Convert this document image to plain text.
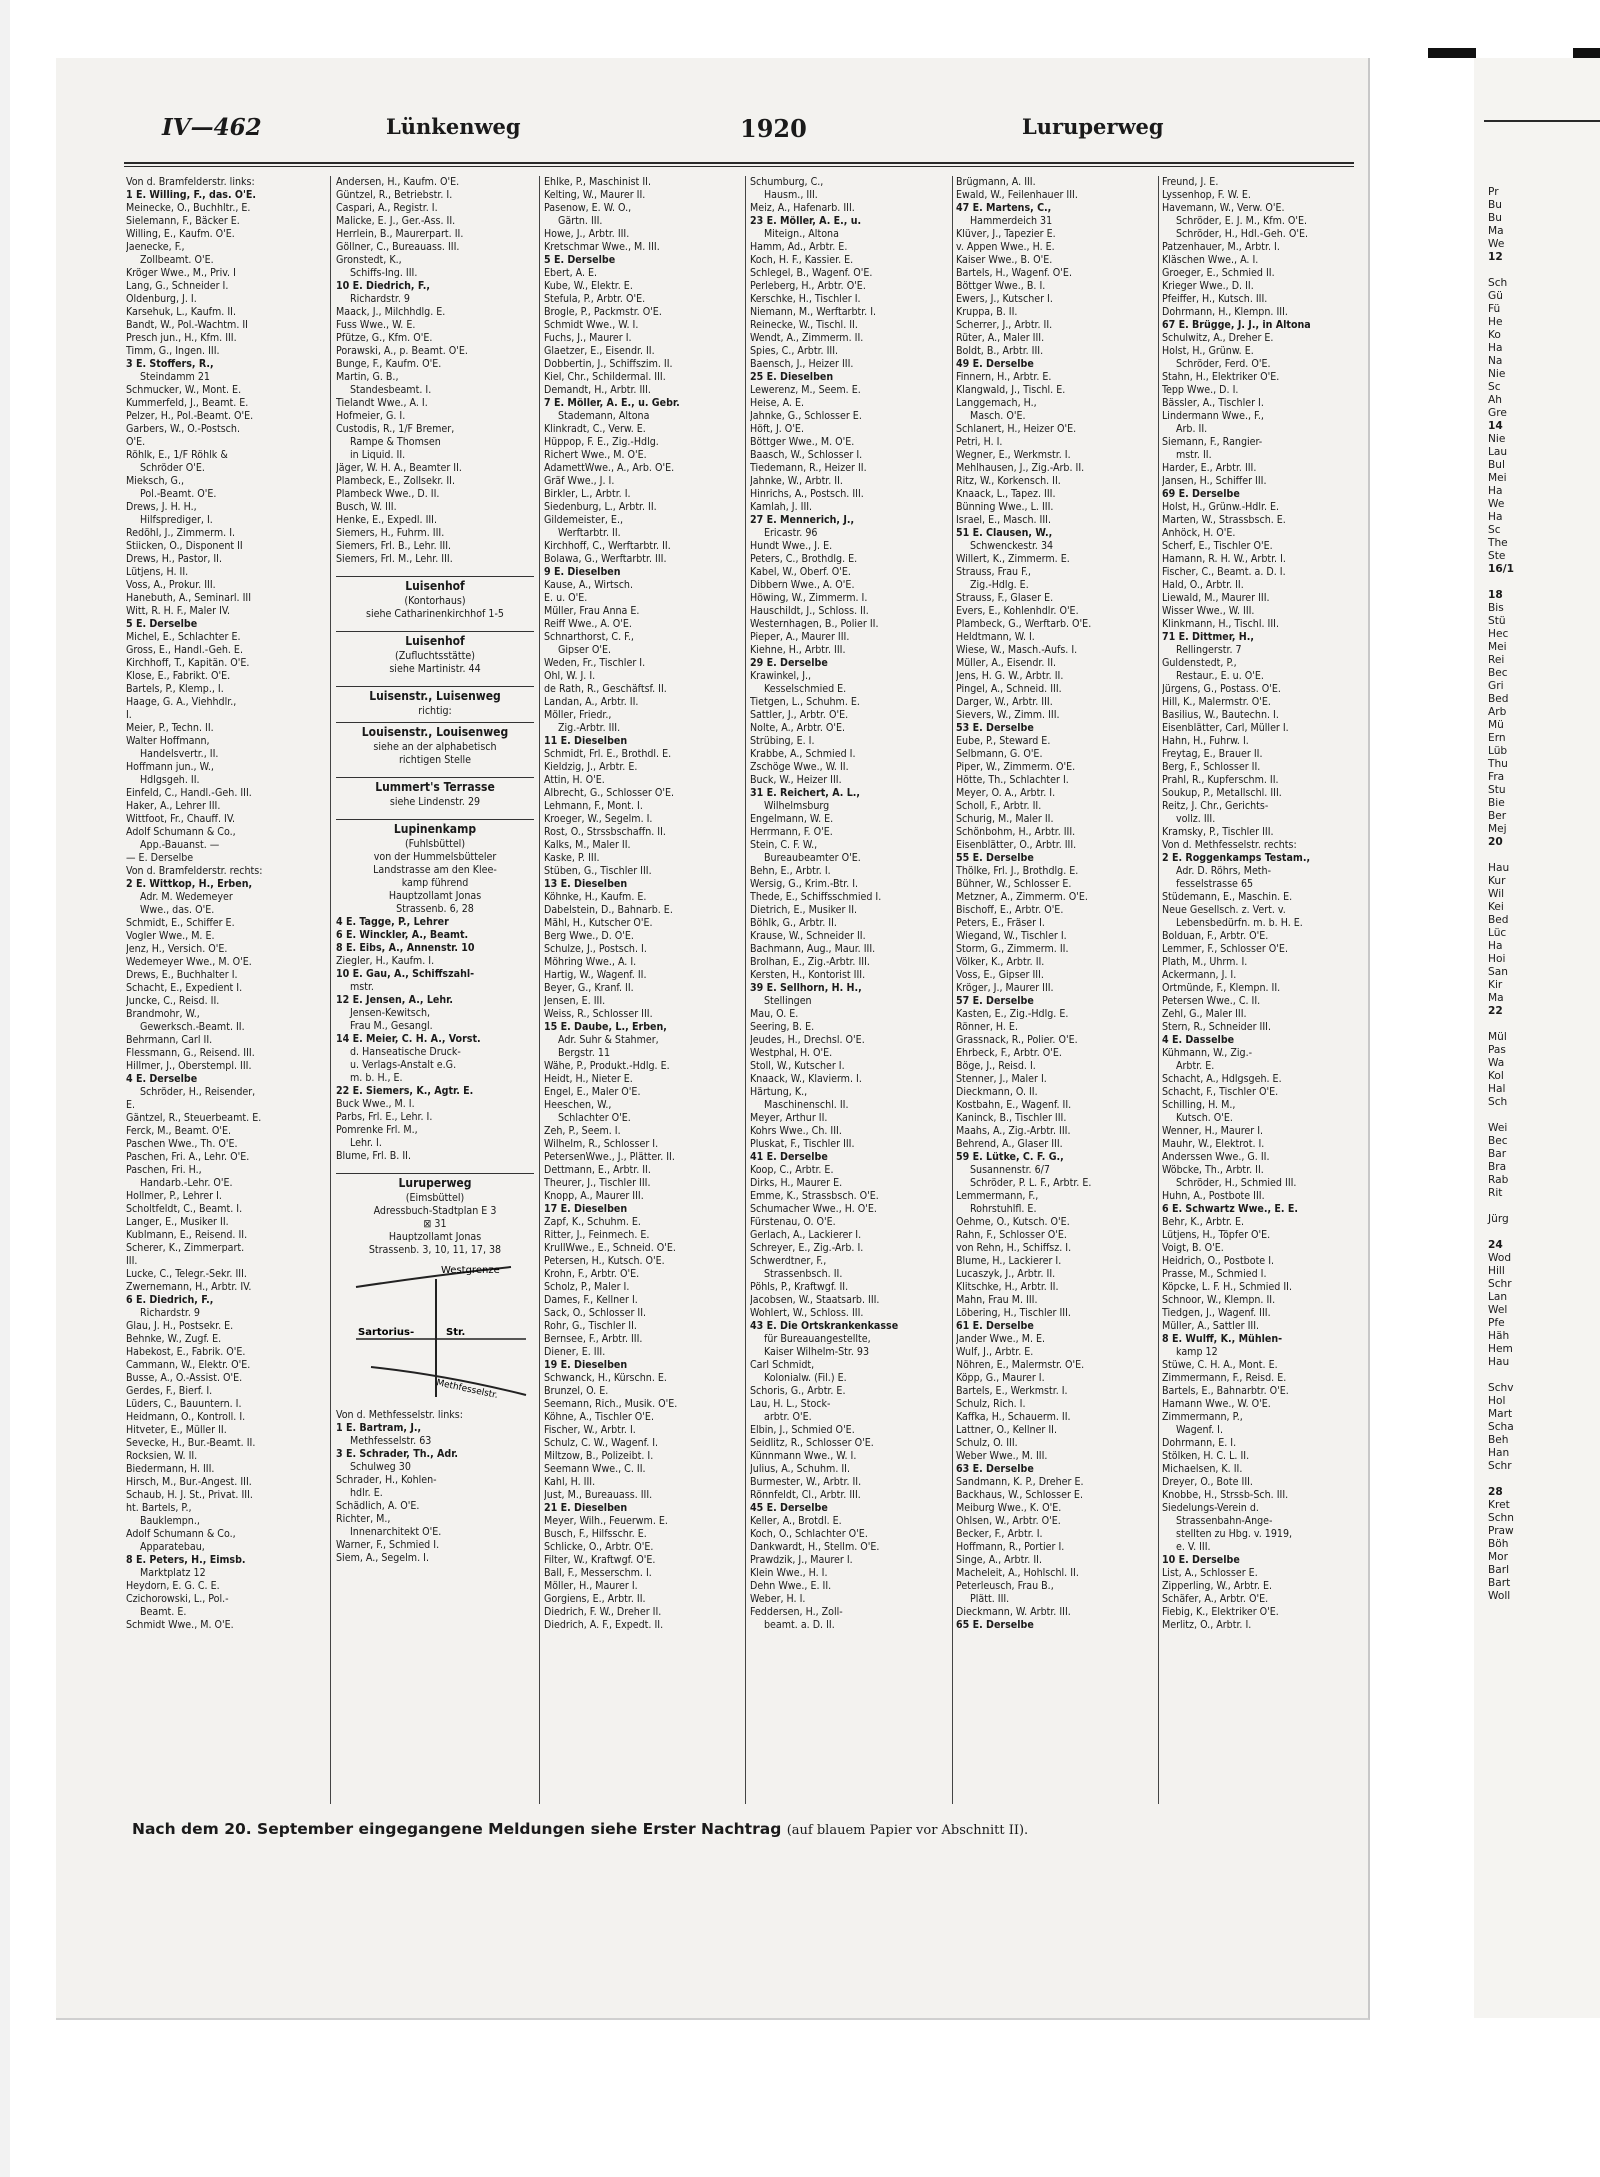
IV—462	Lünkenweg	1920	Luruperweg
Von d. Bramfelderstr. links:
1 E. Willing, F., das. O'E.
Meinecke, O., Buchhltr., E.
Sielemann, F., Bäcker E.
Willing, E., Kaufm. O'E.
Jaenecke, F.,
Zollbeamt. O'E.
Kröger Wwe., M., Priv. I
Lang, G., Schneider I.
Oldenburg, J. I.
Karsehuk, L., Kaufm. II.
Bandt, W., Pol.-Wachtm. II
Presch jun., H., Kfm. III.
Timm, G., Ingen. III.
3 E. Stoffers, R.,
Steindamm 21
Schmucker, W., Mont. E.
Kummerfeld, J., Beamt. E.
Pelzer, H., Pol.-Beamt. O'E.
Garbers, W., O.-Postsch.
O'E.
Röhlk, E., 1/F Röhlk &
Schröder O'E.
Mieksch, G.,
Pol.-Beamt. O'E.
Drews, J. H. H.,
Hilfsprediger, I.
Redöhl, J., Zimmerm. I.
Stiicken, O., Disponent II
Drews, H., Pastor, II.
Lütjens, H. II.
Voss, A., Prokur. III.
Hanebuth, A., Seminarl. III
Witt, R. H. F., Maler IV.
5 E. Derselbe
Michel, E., Schlachter E.
Gross, E., Handl.-Geh. E.
Kirchhoff, T., Kapitän. O'E.
Klose, E., Fabrikt. O'E.
Bartels, P., Klemp., I.
Haage, G. A., Viehhdlr.,
I.
Meier, P., Techn. II.
Walter Hoffmann,
Handelsvertr., II.
Hoffmann jun., W.,
Hdlgsgeh. II.
Einfeld, C., Handl.-Geh. III.
Haker, A., Lehrer III.
Wittfoot, Fr., Chauff. IV.
Adolf Schumann & Co.,
App.-Bauanst. —
— E. Derselbe
Von d. Bramfelderstr. rechts:
2 E. Wittkop, H., Erben,
Adr. M. Wedemeyer
Wwe., das. O'E.
Schmidt, E., Schiffer E.
Vogler Wwe., M. E.
Jenz, H., Versich. O'E.
Wedemeyer Wwe., M. O'E.
Drews, E., Buchhalter I.
Schacht, E., Expedient I.
Juncke, C., Reisd. II.
Brandmohr, W.,
Gewerksch.-Beamt. II.
Behrmann, Carl II.
Flessmann, G., Reisend. III.
Hillmer, J., Oberstempl. III.
4 E. Derselbe
Schröder, H., Reisender,
E.
Gäntzel, R., Steuerbeamt. E.
Ferck, M., Beamt. O'E.
Paschen Wwe., Th. O'E.
Paschen, Fri. A., Lehr. O'E.
Paschen, Fri. H.,
Handarb.-Lehr. O'E.
Hollmer, P., Lehrer I.
Scholtfeldt, C., Beamt. I.
Langer, E., Musiker II.
Kublmann, E., Reisend. II.
Scherer, K., Zimmerpart.
III.
Lucke, C., Telegr.-Sekr. III.
Zwernemann, H., Arbtr. IV.
6 E. Diedrich, F.,
Richardstr. 9
Glau, J. H., Postsekr. E.
Behnke, W., Zugf. E.
Habekost, E., Fabrik. O'E.
Cammann, W., Elektr. O'E.
Busse, A., O.-Assist. O'E.
Gerdes, F., Bierf. I.
Lüders, C., Bauuntern. I.
Heidmann, O., Kontroll. I.
Hitveter, E., Müller II.
Sevecke, H., Bur.-Beamt. II.
Rocksien, W. II.
Biedermann, H. III.
Hirsch, M., Bur.-Angest. III.
Schaub, H. J. St., Privat. III.
ht. Bartels, P.,
Bauklempn.,
Adolf Schumann & Co.,
Apparatebau,
8 E. Peters, H., Eimsb.
Marktplatz 12
Heydorn, E. G. C. E.
Czichorowski, L., Pol.-
Beamt. E.
Schmidt Wwe., M. O'E.
Andersen, H., Kaufm. O'E.
Güntzel, R., Betriebstr. I.
Caspari, A., Registr. I.
Malicke, E. J., Ger.-Ass. II.
Herrlein, B., Maurerpart. II.
Göllner, C., Bureauass. III.
Gronstedt, K.,
Schiffs-Ing. III.
10 E. Diedrich, F.,
Richardstr. 9
Maack, J., Milchhdlg. E.
Fuss Wwe., W. E.
Pfütze, G., Kfm. O'E.
Porawski, A., p. Beamt. O'E.
Bunge, F., Kaufm. O'E.
Martin, G. B.,
Standesbeamt. I.
Tielandt Wwe., A. I.
Hofmeier, G. I.
Custodis, R., 1/F Bremer,
Rampe & Thomsen
in Liquid. II.
Jäger, W. H. A., Beamter II.
Plambeck, E., Zollsekr. II.
Plambeck Wwe., D. II.
Busch, W. III.
Henke, E., Expedl. III.
Siemers, H., Fuhrm. III.
Siemers, Frl. B., Lehr. III.
Siemers, Frl. M., Lehr. III.
Luisenhof
(Kontorhaus)
siehe Catharinenkirchhof 1-5
Luisenhof
(Zufluchtsstätte)
siehe Martinistr. 44
Luisenstr., Luisenweg
richtig:
Louisenstr., Louisenweg
siehe an der alphabetisch
richtigen Stelle
Lummert's Terrasse
siehe Lindenstr. 29
Lupinenkamp
(Fuhlsbüttel)
von der Hummelsbütteler
Landstrasse am den Klee-
kamp führend
Hauptzollamt Jonas
Strassenb. 6, 28
4 E. Tagge, P., Lehrer
6 E. Winckler, A., Beamt.
8 E. Eibs, A., Annenstr. 10
Ziegler, H., Kaufm. I.
10 E. Gau, A., Schiffszahl-
mstr.
12 E. Jensen, A., Lehr.
Jensen-Kewitsch,
Frau M., Gesangl.
14 E. Meier, C. H. A., Vorst.
d. Hanseatische Druck-
u. Verlags-Anstalt e.G.
m. b. H., E.
22 E. Siemers, K., Agtr. E.
Buck Wwe., M. I.
Parbs, Frl. E., Lehr. I.
Pomrenke Frl. M.,
Lehr. I.
Blume, Frl. B. II.
Luruperweg
(Eimsbüttel)
Adressbuch-Stadtplan E 3
⊠ 31
Hauptzollamt Jonas
Strassenb. 3, 10, 11, 17, 38
Westgrenze
Sartorius-	Str.
Methfesselstr.
Von d. Methfesselstr. links:
1 E. Bartram, J.,
Methfesselstr. 63
3 E. Schrader, Th., Adr.
Schulweg 30
Schrader, H., Kohlen-
hdlr. E.
Schädlich, A. O'E.
Richter, M.,
Innenarchitekt O'E.
Warner, F., Schmied I.
Siem, A., Segelm. I.
Ehlke, P., Maschinist II.
Kelting, W., Maurer II.
Pasenow, E. W. O.,
Gärtn. III.
Howe, J., Arbtr. III.
Kretschmar Wwe., M. III.
5 E. Derselbe
Ebert, A. E.
Kube, W., Elektr. E.
Stefula, P., Arbtr. O'E.
Brogle, P., Packmstr. O'E.
Schmidt Wwe., W. I.
Fuchs, J., Maurer I.
Glaetzer, E., Eisendr. II.
Dobbertin, J., Schiffszim. II.
Kiel, Chr., Schildermal. III.
Demandt, H., Arbtr. III.
7 E. Möller, A. E., u. Gebr.
Stademann, Altona
Klinkradt, C., Verw. E.
Hüppop, F. E., Zig.-Hdlg.
Richert Wwe., M. O'E.
AdamettWwe., A., Arb. O'E.
Gräf Wwe., J. I.
Birkler, L., Arbtr. I.
Siedenburg, L., Arbtr. II.
Gildemeister, E.,
Werftarbtr. II.
Kirchhoff, C., Werftarbtr. II.
Bolawa, G., Werftarbtr. III.
9 E. Dieselben
Kause, A., Wirtsch.
E. u. O'E.
Müller, Frau Anna E.
Reiff Wwe., A. O'E.
Schnarthorst, C. F.,
Gipser O'E.
Weden, Fr., Tischler I.
Ohl, W. J. I.
de Rath, R., Geschäftsf. II.
Landan, A., Arbtr. II.
Möller, Friedr.,
Zig.-Arbtr. III.
11 E. Dieselben
Schmidt, Frl. E., Brothdl. E.
Kieldzig, J., Arbtr. E.
Attin, H. O'E.
Albrecht, G., Schlosser O'E.
Lehmann, F., Mont. I.
Kroeger, W., Segelm. I.
Rost, O., Strssbschaffn. II.
Kalks, M., Maler II.
Kaske, P. III.
Stüben, G., Tischler III.
13 E. Dieselben
Köhnke, H., Kaufm. E.
Dabelstein, D., Bahnarb. E.
Mähl, H., Kutscher O'E.
Berg Wwe., D. O'E.
Schulze, J., Postsch. I.
Möhring Wwe., A. I.
Hartig, W., Wagenf. II.
Beyer, G., Kranf. II.
Jensen, E. III.
Weiss, R., Schlosser III.
15 E. Daube, L., Erben,
Adr. Suhr & Stahmer,
Bergstr. 11
Wähe, P., Produkt.-Hdlg. E.
Heidt, H., Nieter E.
Engel, E., Maler O'E.
Heeschen, W.,
Schlachter O'E.
Zeh, P., Seem. I.
Wilhelm, R., Schlosser I.
PetersenWwe., J., Plätter. II.
Dettmann, E., Arbtr. II.
Theurer, J., Tischler III.
Knopp, A., Maurer III.
17 E. Dieselben
Zapf, K., Schuhm. E.
Ritter, J., Feinmech. E.
KrullWwe., E., Schneid. O'E.
Petersen, H., Kutsch. O'E.
Krohn, F., Arbtr. O'E.
Scholz, P., Maler I.
Dames, F., Kellner I.
Sack, O., Schlosser II.
Rohr, G., Tischler II.
Bernsee, F., Arbtr. III.
Diener, E. III.
19 E. Dieselben
Schwanck, H., Kürschn. E.
Brunzel, O. E.
Seemann, Rich., Musik. O'E.
Köhne, A., Tischler O'E.
Fischer, W., Arbtr. I.
Schulz, C. W., Wagenf. I.
Miltzow, B., Polizeibt. I.
Seemann Wwe., C. II.
Kahl, H. III.
Just, M., Bureauass. III.
21 E. Dieselben
Meyer, Wilh., Feuerwm. E.
Busch, F., Hilfsschr. E.
Schlicke, O., Arbtr. O'E.
Filter, W., Kraftwgf. O'E.
Ball, F., Messerschm. I.
Möller, H., Maurer I.
Gorgiens, E., Arbtr. II.
Diedrich, F. W., Dreher II.
Diedrich, A. F., Expedt. II.
Schumburg, C.,
Hausm., III.
Meiz, A., Hafenarb. III.
23 E. Möller, A. E., u.
Miteign., Altona
Hamm, Ad., Arbtr. E.
Koch, H. F., Kassier. E.
Schlegel, B., Wagenf. O'E.
Perleberg, H., Arbtr. O'E.
Kerschke, H., Tischler I.
Niemann, M., Werftarbtr. I.
Reinecke, W., Tischl. II.
Wendt, A., Zimmerm. II.
Spies, C., Arbtr. III.
Baensch, J., Heizer III.
25 E. Dieselben
Lewerenz, M., Seem. E.
Heise, A. E.
Jahnke, G., Schlosser E.
Höft, J. O'E.
Böttger Wwe., M. O'E.
Baasch, W., Schlosser I.
Tiedemann, R., Heizer II.
Jahnke, W., Arbtr. II.
Hinrichs, A., Postsch. III.
Kamlah, J. III.
27 E. Mennerich, J.,
Ericastr. 96
Hundt Wwe., J. E.
Peters, C., Brothdlg. E.
Kabel, W., Oberf. O'E.
Dibbern Wwe., A. O'E.
Höwing, W., Zimmerm. I.
Hauschildt, J., Schloss. II.
Westernhagen, B., Polier II.
Pieper, A., Maurer III.
Kiehne, H., Arbtr. III.
29 E. Derselbe
Krawinkel, J.,
Kesselschmied E.
Tietgen, L., Schuhm. E.
Sattler, J., Arbtr. O'E.
Nolte, A., Arbtr. O'E.
Strübing, E. I.
Krabbe, A., Schmied I.
Zschöge Wwe., W. II.
Buck, W., Heizer III.
31 E. Reichert, A. L.,
Wilhelmsburg
Engelmann, W. E.
Herrmann, F. O'E.
Stein, C. F. W.,
Bureaubeamter O'E.
Behn, E., Arbtr. I.
Wersig, G., Krim.-Btr. I.
Thede, E., Schiffsschmied I.
Dietrich, E., Musiker II.
Böhlk, G., Arbtr. II.
Krause, W., Schneider II.
Bachmann, Aug., Maur. III.
Brolhan, E., Zig.-Arbtr. III.
Kersten, H., Kontorist III.
39 E. Sellhorn, H. H.,
Stellingen
Mau, O. E.
Seering, B. E.
Jeudes, H., Drechsl. O'E.
Westphal, H. O'E.
Stoll, W., Kutscher I.
Knaack, W., Klavierm. I.
Härtung, K.,
Maschinenschl. II.
Meyer, Arthur II.
Kohrs Wwe., Ch. III.
Pluskat, F., Tischler III.
41 E. Derselbe
Koop, C., Arbtr. E.
Dirks, H., Maurer E.
Emme, K., Strassbsch. O'E.
Schumacher Wwe., H. O'E.
Fürstenau, O. O'E.
Gerlach, A., Lackierer I.
Schreyer, E., Zig.-Arb. I.
Schwerdtner, F.,
Strassenbsch. II.
Pöhls, P., Kraftwgf. II.
Jacobsen, W., Staatsarb. III.
Wohlert, W., Schloss. III.
43 E. Die Ortskrankenkasse
für Bureauangestellte,
Kaiser Wilhelm-Str. 93
Carl Schmidt,
Kolonialw. (Fil.) E.
Schoris, G., Arbtr. E.
Lau, H. L., Stock-
arbtr. O'E.
Elbin, J., Schmied O'E.
Seidlitz, R., Schlosser O'E.
Künnmann Wwe., W. I.
Julius, A., Schuhm. II.
Burmester, W., Arbtr. II.
Rönnfeldt, Cl., Arbtr. III.
45 E. Derselbe
Keller, A., Brotdl. E.
Koch, O., Schlachter O'E.
Dankwardt, H., Stellm. O'E.
Prawdzik, J., Maurer I.
Klein Wwe., H. I.
Dehn Wwe., E. II.
Weber, H. I.
Feddersen, H., Zoll-
beamt. a. D. II.
Brügmann, A. III.
Ewald, W., Feilenhauer III.
47 E. Martens, C.,
Hammerdeich 31
Klüver, J., Tapezier E.
v. Appen Wwe., H. E.
Kaiser Wwe., B. O'E.
Bartels, H., Wagenf. O'E.
Böttger Wwe., B. I.
Ewers, J., Kutscher I.
Kruppa, B. II.
Scherrer, J., Arbtr. II.
Rüter, A., Maler III.
Boldt, B., Arbtr. III.
49 E. Derselbe
Finnern, H., Arbtr. E.
Klangwald, J., Tischl. E.
Langgemach, H.,
Masch. O'E.
Schlanert, H., Heizer O'E.
Petri, H. I.
Wegner, E., Werkmstr. I.
Mehlhausen, J., Zig.-Arb. II.
Ritz, W., Korkensch. II.
Knaack, L., Tapez. III.
Bünning Wwe., L. III.
Israel, E., Masch. III.
51 E. Clausen, W.,
Schwenckestr. 34
Willert, K., Zimmerm. E.
Strauss, Frau F.,
Zig.-Hdlg. E.
Strauss, F., Glaser E.
Evers, E., Kohlenhdlr. O'E.
Plambeck, G., Werftarb. O'E.
Heldtmann, W. I.
Wiese, W., Masch.-Aufs. I.
Müller, A., Eisendr. II.
Jens, H. G. W., Arbtr. II.
Pingel, A., Schneid. III.
Darger, W., Arbtr. III.
Sievers, W., Zimm. III.
53 E. Derselbe
Eube, P., Steward E.
Selbmann, G. O'E.
Piper, W., Zimmerm. O'E.
Hötte, Th., Schlachter I.
Meyer, O. A., Arbtr. I.
Scholl, F., Arbtr. II.
Schurig, M., Maler II.
Schönbohm, H., Arbtr. III.
Eisenblätter, O., Arbtr. III.
55 E. Derselbe
Thölke, Frl. J., Brothdlg. E.
Bühner, W., Schlosser E.
Metzner, A., Zimmerm. O'E.
Bischoff, E., Arbtr. O'E.
Peters, E., Fräser I.
Wiegand, W., Tischler I.
Storm, G., Zimmerm. II.
Völker, K., Arbtr. II.
Voss, E., Gipser III.
Kröger, J., Maurer III.
57 E. Derselbe
Kasten, E., Zig.-Hdlg. E.
Rönner, H. E.
Grassnack, R., Polier. O'E.
Ehrbeck, F., Arbtr. O'E.
Böge, J., Reisd. I.
Stenner, J., Maler I.
Dieckmann, O. II.
Kostbahn, E., Wagenf. II.
Kaninck, B., Tischler III.
Maahs, A., Zig.-Arbtr. III.
Behrend, A., Glaser III.
59 E. Lütke, C. F. G.,
Susannenstr. 6/7
Schröder, P. L. F., Arbtr. E.
Lemmermann, F.,
Rohrstuhlfl. E.
Oehme, O., Kutsch. O'E.
Rahn, F., Schlosser O'E.
von Rehn, H., Schiffsz. I.
Blume, H., Lackierer I.
Lucaszyk, J., Arbtr. II.
Klitschke, H., Arbtr. II.
Mahn, Frau M. III.
Löbering, H., Tischler III.
61 E. Derselbe
Jander Wwe., M. E.
Wulf, J., Arbtr. E.
Nöhren, E., Malermstr. O'E.
Köpp, G., Maurer I.
Bartels, E., Werkmstr. I.
Schulz, Rich. I.
Kaffka, H., Schauerm. II.
Lattner, O., Kellner II.
Schulz, O. III.
Weber Wwe., M. III.
63 E. Derselbe
Sandmann, K. P., Dreher E.
Backhaus, W., Schlosser E.
Meiburg Wwe., K. O'E.
Ohlsen, W., Arbtr. O'E.
Becker, F., Arbtr. I.
Hoffmann, R., Portier I.
Singe, A., Arbtr. II.
Macheleit, A., Hohlschl. II.
Peterleusch, Frau B.,
Plätt. III.
Dieckmann, W. Arbtr. III.
65 E. Derselbe
Freund, J. E.
Lyssenhop, F. W. E.
Havemann, W., Verw. O'E.
Schröder, E. J. M., Kfm. O'E.
Schröder, H., Hdl.-Geh. O'E.
Patzenhauer, M., Arbtr. I.
Kläschen Wwe., A. I.
Groeger, E., Schmied II.
Krieger Wwe., D. II.
Pfeiffer, H., Kutsch. III.
Dohrmann, H., Klempn. III.
67 E. Brügge, J. J., in Altona
Schulwitz, A., Dreher E.
Holst, H., Grünw. E.
Schröder, Ferd. O'E.
Stahn, H., Elektriker O'E.
Tepp Wwe., D. I.
Bässler, A., Tischler I.
Lindermann Wwe., F.,
Arb. II.
Siemann, F., Rangier-
mstr. II.
Harder, E., Arbtr. III.
Jansen, H., Schiffer III.
69 E. Derselbe
Holst, H., Grünw.-Hdlr. E.
Marten, W., Strassbsch. E.
Anhöck, H. O'E.
Scherf, E., Tischler O'E.
Hamann, R. H. W., Arbtr. I.
Fischer, C., Beamt. a. D. I.
Hald, O., Arbtr. II.
Liewald, M., Maurer III.
Wisser Wwe., W. III.
Klinkmann, H., Tischl. III.
71 E. Dittmer, H.,
Rellingerstr. 7
Guldenstedt, P.,
Restaur., E. u. O'E.
Jürgens, G., Postass. O'E.
Hill, K., Malermstr. O'E.
Basilius, W., Bautechn. I.
Eisenblätter, Carl, Müller I.
Hahn, H., Fuhrw. I.
Freytag, E., Brauer II.
Berg, F., Schlosser II.
Prahl, R., Kupferschm. II.
Soukup, P., Metallschl. III.
Reitz, J. Chr., Gerichts-
vollz. III.
Kramsky, P., Tischler III.
Von d. Methfesselstr. rechts:
2 E. Roggenkamps Testam.,
Adr. D. Röhrs, Meth-
fesselstrasse 65
Stüdemann, E., Maschin. E.
Neue Gesellsch. z. Vert. v.
Lebensbedürfn. m. b. H. E.
Bolduan, F., Arbtr. O'E.
Lemmer, F., Schlosser O'E.
Plath, M., Uhrm. I.
Ackermann, J. I.
Ortmünde, F., Klempn. II.
Petersen Wwe., C. II.
Zehl, G., Maler III.
Stern, R., Schneider III.
4 E. Dasselbe
Kühmann, W., Zig.-
Arbtr. E.
Schacht, A., Hdlgsgeh. E.
Schacht, F., Tischler O'E.
Schilling, H. M.,
Kutsch. O'E.
Wenner, H., Maurer I.
Mauhr, W., Elektrot. I.
Anderssen Wwe., G. II.
Wöbcke, Th., Arbtr. II.
Schröder, H., Schmied III.
Huhn, A., Postbote III.
6 E. Schwartz Wwe., E. E.
Behr, K., Arbtr. E.
Lütjens, H., Töpfer O'E.
Voigt, B. O'E.
Heidrich, O., Postbote I.
Prasse, M., Schmied I.
Köpcke, L. F. H., Schmied II.
Schnoor, W., Klempn. II.
Tiedgen, J., Wagenf. III.
Müller, A., Sattler III.
8 E. Wulff, K., Mühlen-
kamp 12
Stüwe, C. H. A., Mont. E.
Zimmermann, F., Reisd. E.
Bartels, E., Bahnarbtr. O'E.
Hamann Wwe., W. O'E.
Zimmermann, P.,
Wagenf. I.
Dohrmann, E. I.
Stölken, H. C. L. II.
Michaelsen, K. II.
Dreyer, O., Bote III.
Knobbe, H., Strssb-Sch. III.
Siedelungs-Verein d.
Strassenbahn-Ange-
stellten zu Hbg. v. 1919,
e. V. III.
10 E. Derselbe
List, A., Schlosser E.
Zipperling, W., Arbtr. E.
Schäfer, A., Arbtr. O'E.
Fiebig, K., Elektriker O'E.
Merlitz, O., Arbtr. I.
Nach dem 20. September eingegangene Meldungen siehe Erster Nachtrag (auf blauem Papier vor Abschnitt II).
Pr
Bu
Bu
Ma
We
12
Sch
Gü
Fü
He
Ko
Ha
Na
Nie
Sc
Ah
Gre
14
Nie
Lau
Bul
Mei
Ha
We
Ha
Sc
The
Ste
16/1
18
Bis
Stü
Hec
Mei
Rei
Bec
Gri
Bed
Arb
Mü
Ern
Lüb
Thu
Fra
Stu
Bie
Ber
Mej
20
Hau
Kur
Wil
Kei
Bed
Lüc
Ha
Hoi
San
Kir
Ma
22
Mül
Pas
Wa
Kol
Hal
Sch
Wei
Bec
Bar
Bra
Rab
Rit
Jürg
24
Wod
Hill
Schr
Lan
Wel
Pfe
Häh
Hem
Hau
Schv
Hol
Mart
Scha
Beh
Han
Schr
28
Kret
Schn
Praw
Böh
Mor
Barl
Bart
Woll
